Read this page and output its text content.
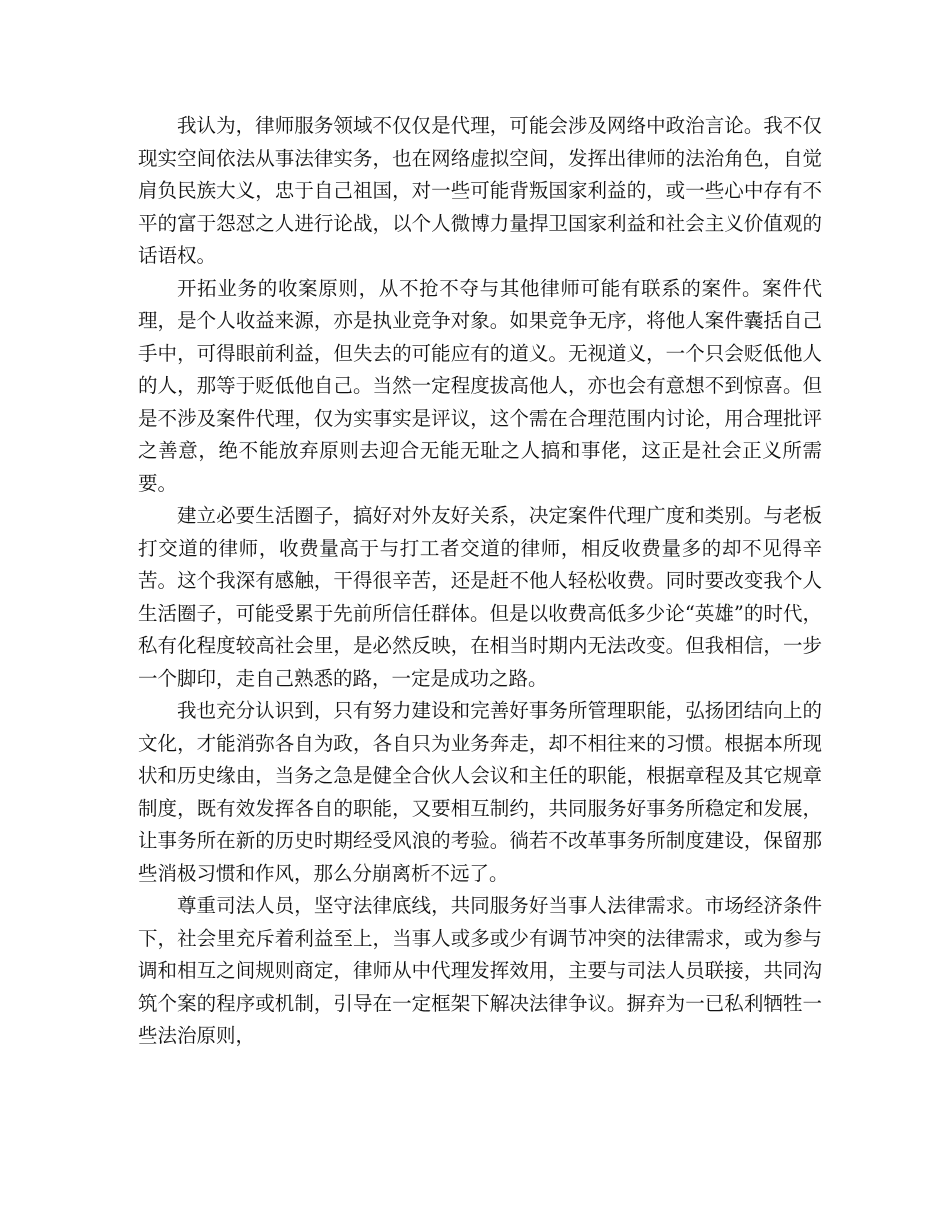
我认为，律师服务领域不仅仅是代理，可能会涉及网络中政治言论。我不仅现实空间依法从事法律实务，也在网络虚拟空间，发挥出律师的法治角色，自觉肩负民族大义，忠于自己祖国，对一些可能背叛国家利益的，或一些心中存有不平的富于怨怼之人进行论战，以个人微博力量捍卫国家利益和社会主义价值观的话语权。

开拓业务的收案原则，从不抢不夺与其他律师可能有联系的案件。案件代理，是个人收益来源，亦是执业竞争对象。如果竞争无序，将他人案件囊括自己手中，可得眼前利益，但失去的可能应有的道义。无视道义，一个只会贬低他人的人，那等于贬低他自己。当然一定程度拔高他人，亦也会有意想不到惊喜。但是不涉及案件代理，仅为实事实是评议，这个需在合理范围内讨论，用合理批评之善意，绝不能放弃原则去迎合无能无耻之人搞和事佬，这正是社会正义所需要。

建立必要生活圈子，搞好对外友好关系，决定案件代理广度和类别。与老板打交道的律师，收费量高于与打工者交道的律师，相反收费量多的却不见得辛苦。这个我深有感触，干得很辛苦，还是赶不他人轻松收费。同时要改变我个人生活圈子，可能受累于先前所信任群体。但是以收费高低多少论“英雄”的时代，私有化程度较高社会里，是必然反映，在相当时期内无法改变。但我相信，一步一个脚印，走自己熟悉的路，一定是成功之路。

我也充分认识到，只有努力建设和完善好事务所管理职能，弘扬团结向上的文化，才能消弥各自为政，各自只为业务奔走，却不相往来的习惯。根据本所现状和历史缘由，当务之急是健全合伙人会议和主任的职能，根据章程及其它规章制度，既有效发挥各自的职能，又要相互制约，共同服务好事务所稳定和发展，让事务所在新的历史时期经受风浪的考验。徜若不改革事务所制度建设，保留那些消极习惯和作风，那么分崩离析不远了。

尊重司法人员，坚守法律底线，共同服务好当事人法律需求。市场经济条件下，社会里充斥着利益至上，当事人或多或少有调节冲突的法律需求，或为参与调和相互之间规则商定，律师从中代理发挥效用，主要与司法人员联接，共同沟筑个案的程序或机制，引导在一定框架下解决法律争议。摒弃为一已私利牺牲一些法治原则，
